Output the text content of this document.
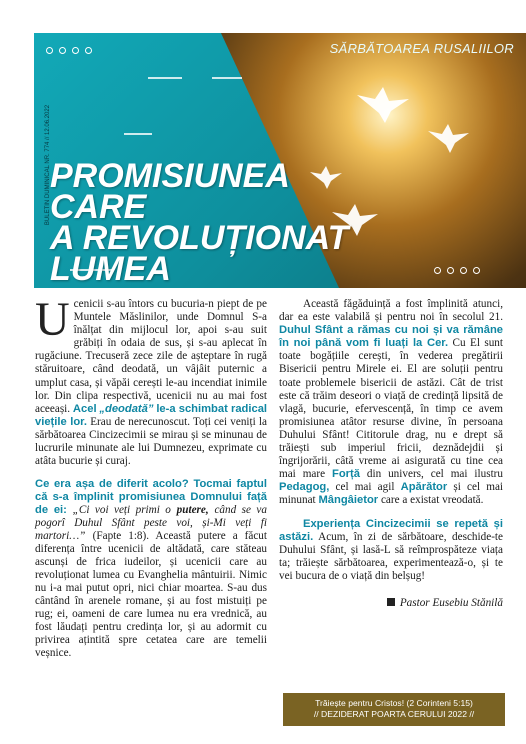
BULETIN DUMINICAL NR. 774 // 12.06.2022
SĂRBĂTOAREA RUSALIILOR
PROMISIUNEA CARE
A REVOLUȚIONAT
LUMEA

Ucenicii s-au întors cu bucuria-n piept de pe Muntele Măslinilor, unde Domnul S-a înălțat din mijlocul lor, apoi s-au suit grăbiți în odaia de sus, și s-au aplecat în rugăciune. Trecuseră zece zile de așteptare în rugă stăruitoare, când deodată, un vâjâit puternic a umplut casa, și văpăi cerești le-au incendiat inimile lor. Din clipa respectivă, ucenicii nu au mai fost aceeași. Acel „deodată” le-a schimbat radical viețile lor. Erau de nerecunoscut. Toți cei veniți la sărbătoarea Cincizecimii se mirau și se minunau de lucrurile minunate ale lui Dumnezeu, exprimate cu atâta bucurie și curaj.

Ce era așa de diferit acolo? Tocmai faptul că s-a împlinit promisiunea Domnului față de ei: „Ci voi veți primi o putere, când se va pogorî Duhul Sfânt peste voi, și-Mi veți fi martori…” (Faptе 1:8). Această putere a făcut diferența între ucenicii de altădată, care stăteau ascunși de frica iudeilor, și ucenicii care au revoluționat lumea cu Evanghelia mântuirii. Nimic nu i-a mai putut opri, nici chiar moartea. S-au dus cântând în arenele romane, și au fost mistuiți pe rug; ei, oameni de care lumea nu era vrednică, au fost lăudați pentru credința lor, și au adormit cu privirea ațintită spre cetatea care are temelii veșnice.

Această făgăduință a fost împlinită atunci, dar ea este valabilă și pentru noi în secolul 21. Duhul Sfânt a rămas cu noi și va rămâne în noi până vom fi luați la Cer. Cu El sunt toate bogățiile cerești, în vederea pregătirii Bisericii pentru Mirele ei. El are soluții pentru toate problemele bisericii de astăzi. Cât de trist este că trăim deseori o viață de credință lipsită de vlagă, bucurie, efervescență, în timp ce avem promisiunea atâtor resurse divine, în persoana Duhului Sfânt! Cititorule drag, nu e drept să trăiești sub imperiul fricii, deznădejdii și îngrijorării, câtă vreme ai asigurată cu tine cea mai mare Forță din univers, cel mai ilustru Pedagog, cel mai agil Apărător și cel mai minunat Mângâietor care a existat vreodată.

Experiența Cincizecimii se repetă și astăzi. Acum, în zi de sărbătoare, deschide-te Duhului Sfânt, și lasă-L să reîmprospăteze viața ta; trăiește sărbătoarea, experimentează-o, și te vei bucura de o viață din belșug!

Pastor Eusebiu Stănilă

Trăiește pentru Cristos! (2 Corinteni 5:15)
// DEZIDERAT POARTA CERULUI 2022 //
